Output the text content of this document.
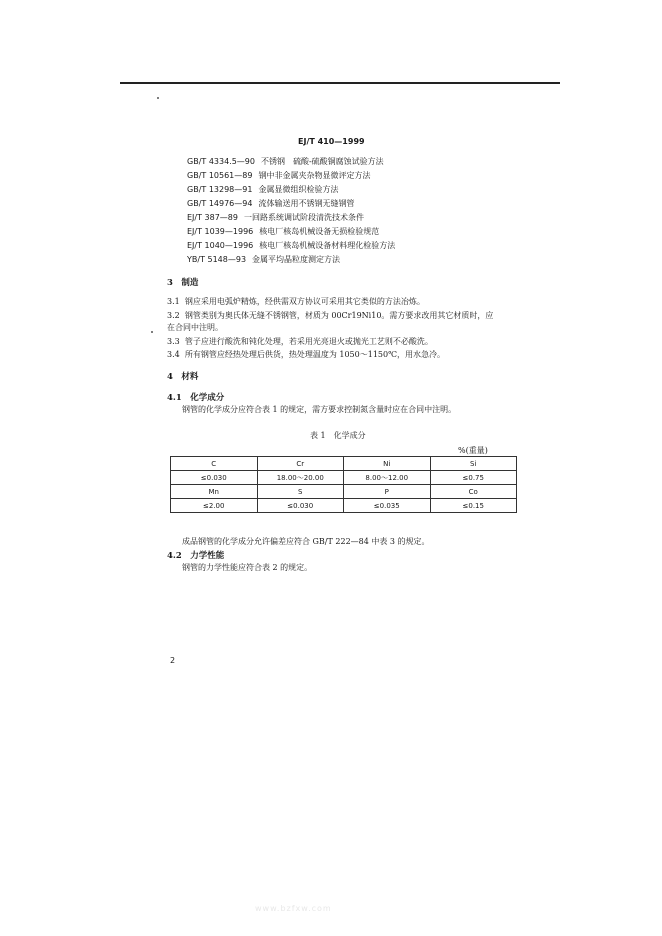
EJ/T 410—1999
GB/T 4334.5—90 不锈钢　硫酸-硫酸铜腐蚀试验方法
GB/T 10561—89 钢中非金属夹杂物显微评定方法
GB/T 13298—91 金属显微组织检验方法
GB/T 14976—94 流体输送用不锈钢无缝钢管
EJ/T 387—89 一回路系统调试阶段清洗技术条件
EJ/T 1039—1996 核电厂核岛机械设备无损检验规范
EJ/T 1040—1996 核电厂核岛机械设备材料理化检验方法
YB/T 5148—93 金属平均晶粒度测定方法
3　制造
3.1 钢应采用电弧炉精炼，经供需双方协议可采用其它类似的方法冶炼。
3.2 钢管类别为奥氏体无缝不锈钢管，材质为 00Cr19Ni10。需方要求改用其它材质时，应
在合同中注明。
3.3 管子应进行酸洗和钝化处理，若采用光亮退火或抛光工艺则不必酸洗。
3.4 所有钢管应经热处理后供货，热处理温度为 1050～1150℃，用水急冷。
4　材料
4.1　化学成分
钢管的化学成分应符合表 1 的规定，需方要求控制氮含量时应在合同中注明。
表 1　化学成分
%(重量)
C	Cr	Ni	Si
≤0.030	18.00～20.00	8.00～12.00	≤0.75
Mn	S	P	Co
≤2.00	≤0.030	≤0.035	≤0.15
成品钢管的化学成分允许偏差应符合 GB/T 222—84 中表 3 的规定。
4.2　力学性能
钢管的力学性能应符合表 2 的规定。
2
www.bzfxw.com
